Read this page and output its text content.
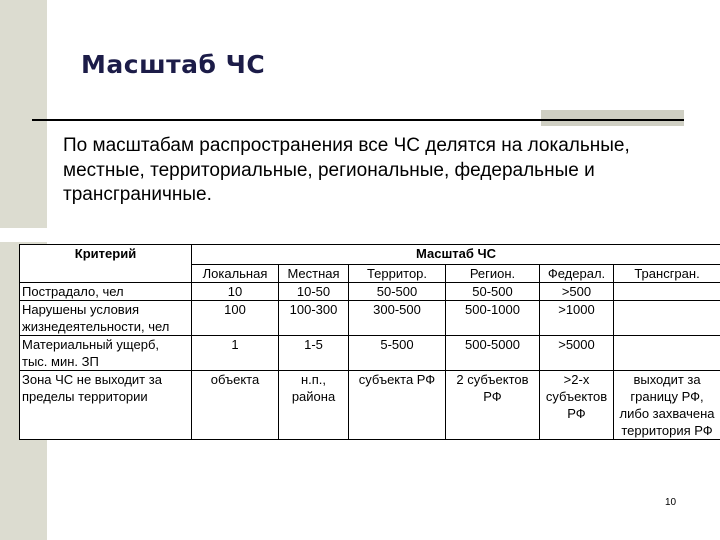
Масштаб ЧС

По масштабам распространения все ЧС делятся на локальные, местные, территориальные, региональные, федеральные и трансграничные.

Критерий	Масштаб ЧС					
	Локальная	Местная	Территор.	Регион.	Федерал.	Трансгран.
Пострадало, чел	10	10-50	50-500	50-500	>500	
Нарушены условия жизнедеятельности, чел	100	100-300	300-500	500-1000	>1000	
Материальный ущерб, тыс. мин. ЗП	1	1-5	5-500	500-5000	>5000	
Зона ЧС не выходит за пределы территории	объекта	н.п., района	субъекта РФ	2 субъектов РФ	>2-х субъектов РФ	выходит за границу РФ, либо захвачена территория РФ
10
